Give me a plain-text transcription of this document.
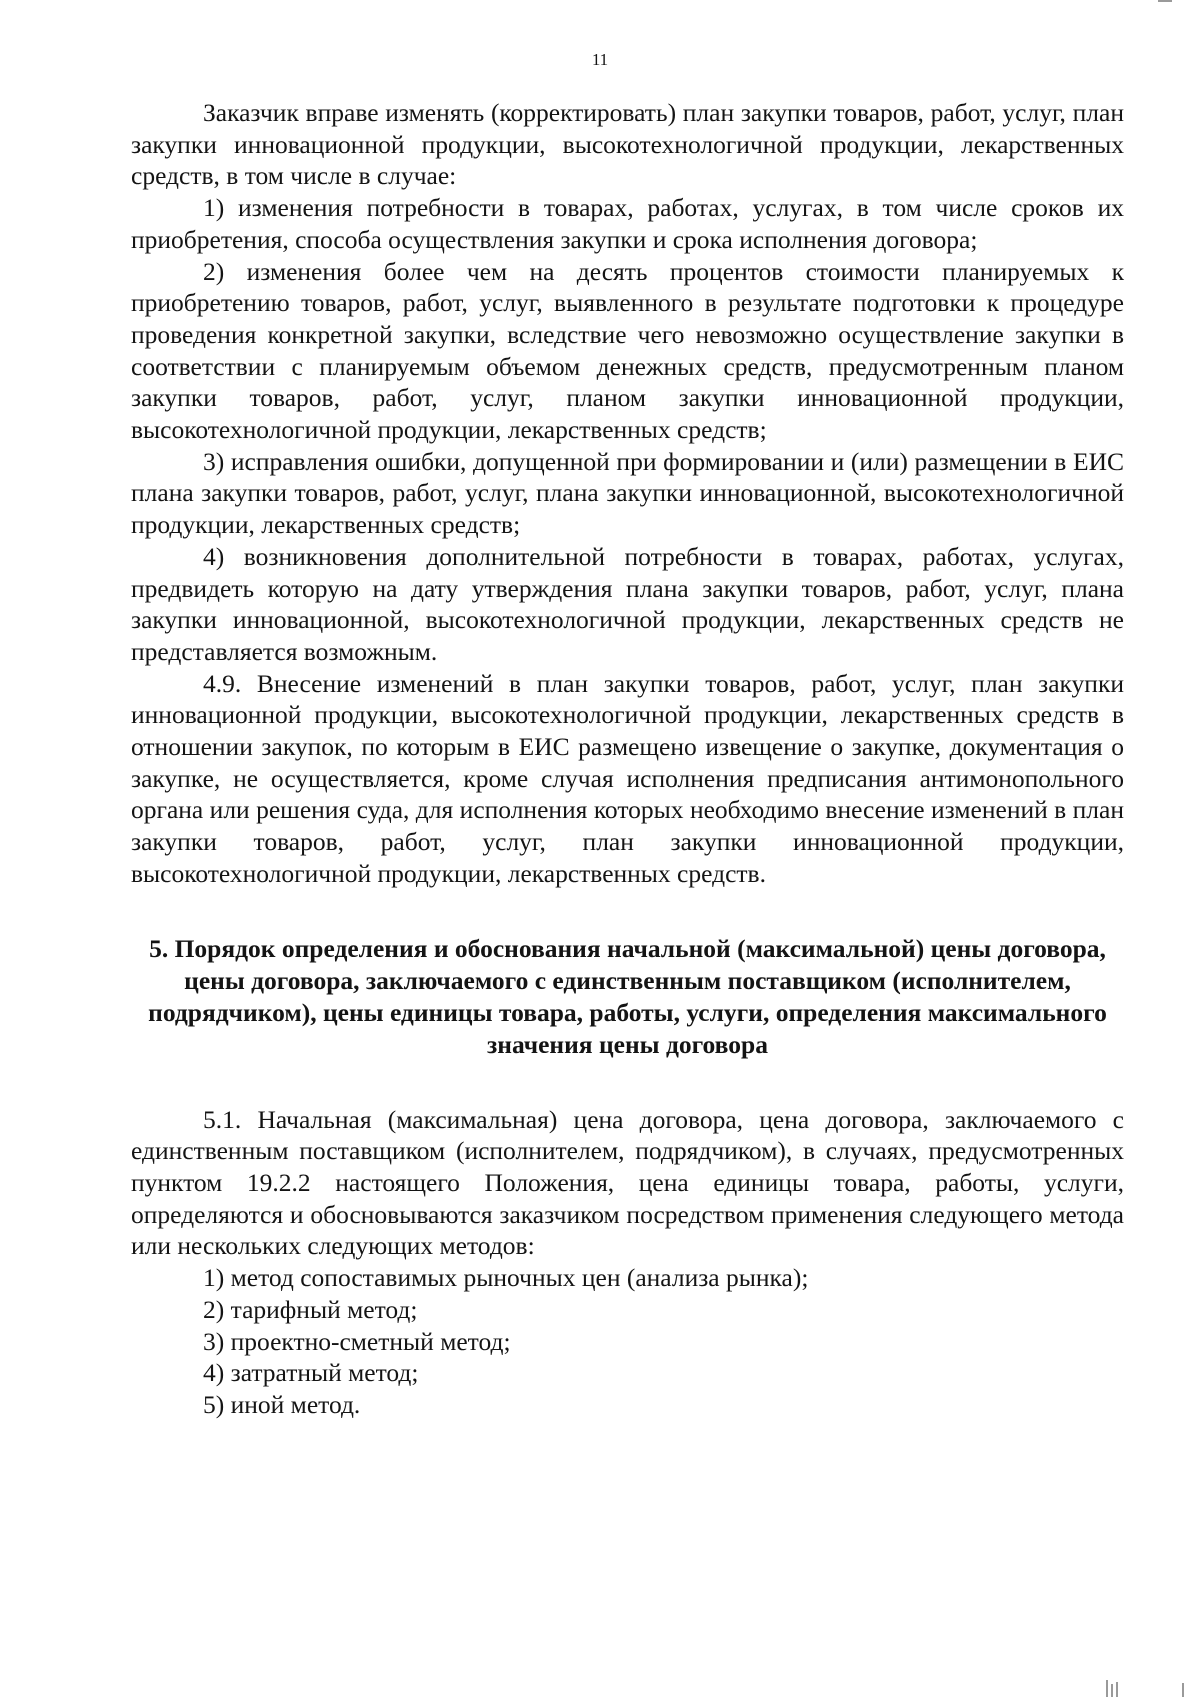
11

Заказчик вправе изменять (корректировать) план закупки товаров, работ, услуг, план закупки инновационной продукции, высокотехнологичной продукции, лекарственных средств, в том числе в случае:

1) изменения потребности в товарах, работах, услугах, в том числе сроков их приобретения, способа осуществления закупки и срока исполнения договора;

2) изменения более чем на десять процентов стоимости планируемых к приобретению товаров, работ, услуг, выявленного в результате подготовки к процедуре проведения конкретной закупки, вследствие чего невозможно осуществление закупки в соответствии с планируемым объемом денежных средств, предусмотренным планом закупки товаров, работ, услуг, планом закупки инновационной продукции, высокотехнологичной продукции, лекарственных средств;

3) исправления ошибки, допущенной при формировании и (или) размещении в ЕИС плана закупки товаров, работ, услуг, плана закупки инновационной, высокотехнологичной продукции, лекарственных средств;

4) возникновения дополнительной потребности в товарах, работах, услугах, предвидеть которую на дату утверждения плана закупки товаров, работ, услуг, плана закупки инновационной, высокотехнологичной продукции, лекарственных средств не представляется возможным.

4.9. Внесение изменений в план закупки товаров, работ, услуг, план закупки инновационной продукции, высокотехнологичной продукции, лекарственных средств в отношении закупок, по которым в ЕИС размещено извещение о закупке, документация о закупке, не осуществляется, кроме случая исполнения предписания антимонопольного органа или решения суда, для исполнения которых необходимо внесение изменений в план закупки товаров, работ, услуг, план закупки инновационной продукции, высокотехнологичной продукции, лекарственных средств.

5. Порядок определения и обоснования начальной (максимальной) цены договора, цены договора, заключаемого с единственным поставщиком (исполнителем, подрядчиком), цены единицы товара, работы, услуги, определения максимального значения цены договора

5.1. Начальная (максимальная) цена договора, цена договора, заключаемого с единственным поставщиком (исполнителем, подрядчиком), в случаях, предусмотренных пунктом 19.2.2 настоящего Положения, цена единицы товара, работы, услуги, определяются и обосновываются заказчиком посредством применения следующего метода или нескольких следующих методов:

1) метод сопоставимых рыночных цен (анализа рынка);

2) тарифный метод;

3) проектно-сметный метод;

4) затратный метод;

5) иной метод.
